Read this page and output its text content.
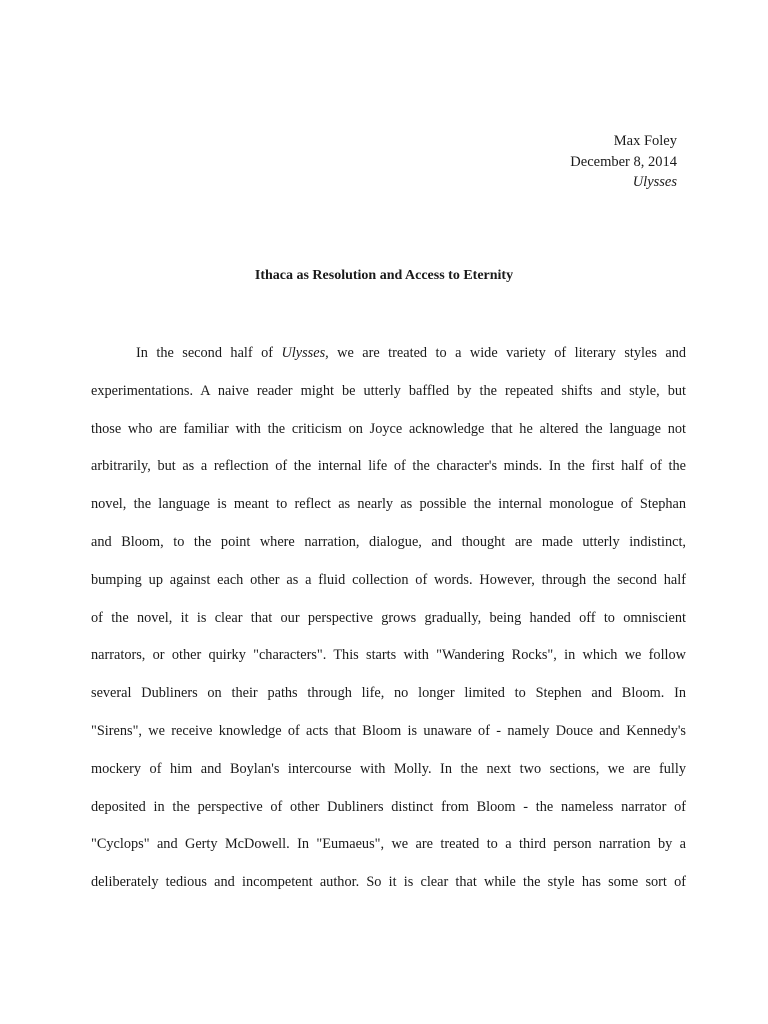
Max Foley
December 8, 2014
Ulysses
Ithaca as Resolution and Access to Eternity
In the second half of Ulysses, we are treated to a wide variety of literary styles and
experimentations. A naive reader might be utterly baffled by the repeated shifts and style, but
those who are familiar with the criticism on Joyce acknowledge that he altered the language not
arbitrarily, but as a reflection of the internal life of the character's minds. In the first half of the
novel, the language is meant to reflect as nearly as possible the internal monologue of Stephan
and Bloom, to the point where narration, dialogue, and thought are made utterly indistinct,
bumping up against each other as a fluid collection of words. However, through the second half
of the novel, it is clear that our perspective grows gradually, being handed off to omniscient
narrators, or other quirky "characters". This starts with "Wandering Rocks", in which we follow
several Dubliners on their paths through life, no longer limited to Stephen and Bloom. In
"Sirens", we receive knowledge of acts that Bloom is unaware of - namely Douce and Kennedy's
mockery of him and Boylan's intercourse with Molly. In the next two sections, we are fully
deposited in the perspective of other Dubliners distinct from Bloom - the nameless narrator of
"Cyclops" and Gerty McDowell. In "Eumaeus", we are treated to a third person narration by a
deliberately tedious and incompetent author. So it is clear that while the style has some sort of
